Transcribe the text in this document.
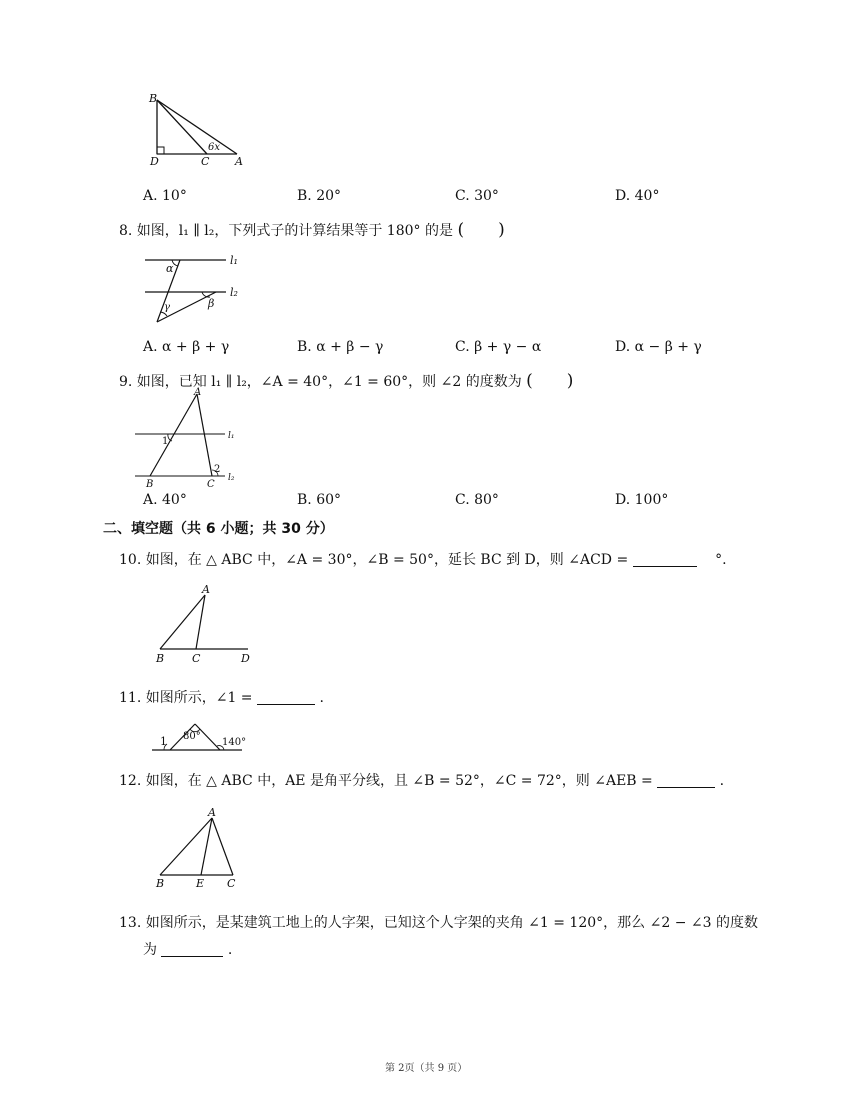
B
D	C A
6x
A. 10°	B. 20°	C. 30°	D. 40°
8. 如图，l₁ ∥ l₂，下列式子的计算结果等于 180° 的是 (　　)
l₁
l₂
α
β
γ
A. α + β + γ	B. α + β − γ	C. β + γ − α	D. α − β + γ
9. 如图，已知 l₁ ∥ l₂，∠A = 40°，∠1 = 60°，则 ∠2 的度数为 (　　)
A
B	C
1
2
l₁
l₂
A. 40°	B. 60°	C. 80°	D. 100°
二、填空题（共 6 小题；共 30 分）
10. 如图，在 △ ABC 中，∠A = 30°，∠B = 50°，延长 BC 到 D，则 ∠ACD =	°.
A
B	C	D
11. 如图所示，∠1 =	.
1 80°
140°
12. 如图，在 △ ABC 中，AE 是角平分线，且 ∠B = 52°，∠C = 72°，则 ∠AEB =	.
A
B	E C
13. 如图所示，是某建筑工地上的人字架，已知这个人字架的夹角 ∠1 = 120°，那么 ∠2 − ∠3 的度数
为	.
第 2页（共 9 页）
